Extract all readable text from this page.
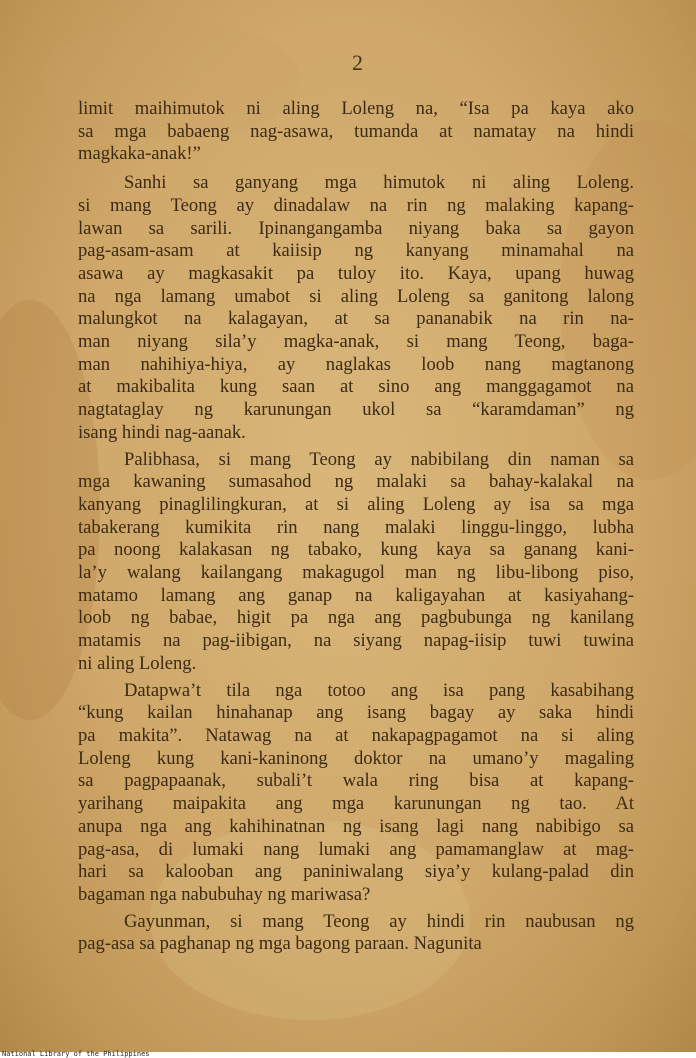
2
limit maihimutok ni aling Loleng na, “Isa pa kaya ako
sa mga babaeng nag-asawa, tumanda at namatay na hindi
magkaka-anak!”
Sanhi sa ganyang mga himutok ni aling Loleng.
si mang Teong ay dinadalaw na rin ng malaking kapang-
lawan sa sarili. Ipinangangamba niyang baka sa gayon
pag-asam-asam at kaiisip ng kanyang minamahal na
asawa ay magkasakit pa tuloy ito. Kaya, upang huwag
na nga lamang umabot si aling Loleng sa ganitong lalong
malungkot na kalagayan, at sa pananabik na rin na-
man niyang sila’y magka-anak, si mang Teong, baga-
man nahihiya-hiya, ay naglakas loob nang magtanong
at makibalita kung saan at sino ang manggagamot na
nagtataglay ng karunungan ukol sa “karamdaman” ng
isang hindi nag-aanak.
Palibhasa, si mang Teong ay nabibilang din naman sa
mga kawaning sumasahod ng malaki sa bahay-kalakal na
kanyang pinaglilingkuran, at si aling Loleng ay isa sa mga
tabakerang kumikita rin nang malaki linggu-linggo, lubha
pa noong kalakasan ng tabako, kung kaya sa ganang kani-
la’y walang kailangang makagugol man ng libu-libong piso,
matamo lamang ang ganap na kaligayahan at kasiyahang-
loob ng babae, higit pa nga ang pagbubunga ng kanilang
matamis na pag-iibigan, na siyang napag-iisip tuwi tuwina
ni aling Loleng.
Datapwa’t tila nga totoo ang isa pang kasabihang
“kung kailan hinahanap ang isang bagay ay saka hindi
pa makita”. Natawag na at nakapagpagamot na si aling
Loleng kung kani-kaninong doktor na umano’y magaling
sa pagpapaanak, subali’t wala ring bisa at kapang-
yarihang maipakita ang mga karunungan ng tao. At
anupa nga ang kahihinatnan ng isang lagi nang nabibigo sa
pag-asa, di lumaki nang lumaki ang pamamanglaw at mag-
hari sa kalooban ang paniniwalang siya’y kulang-palad din
bagaman nga nabubuhay ng mariwasa?
Gayunman, si mang Teong ay hindi rin naubusan ng
pag-asa sa paghanap ng mga bagong paraan. Nagunita
National Library of the Philippines
